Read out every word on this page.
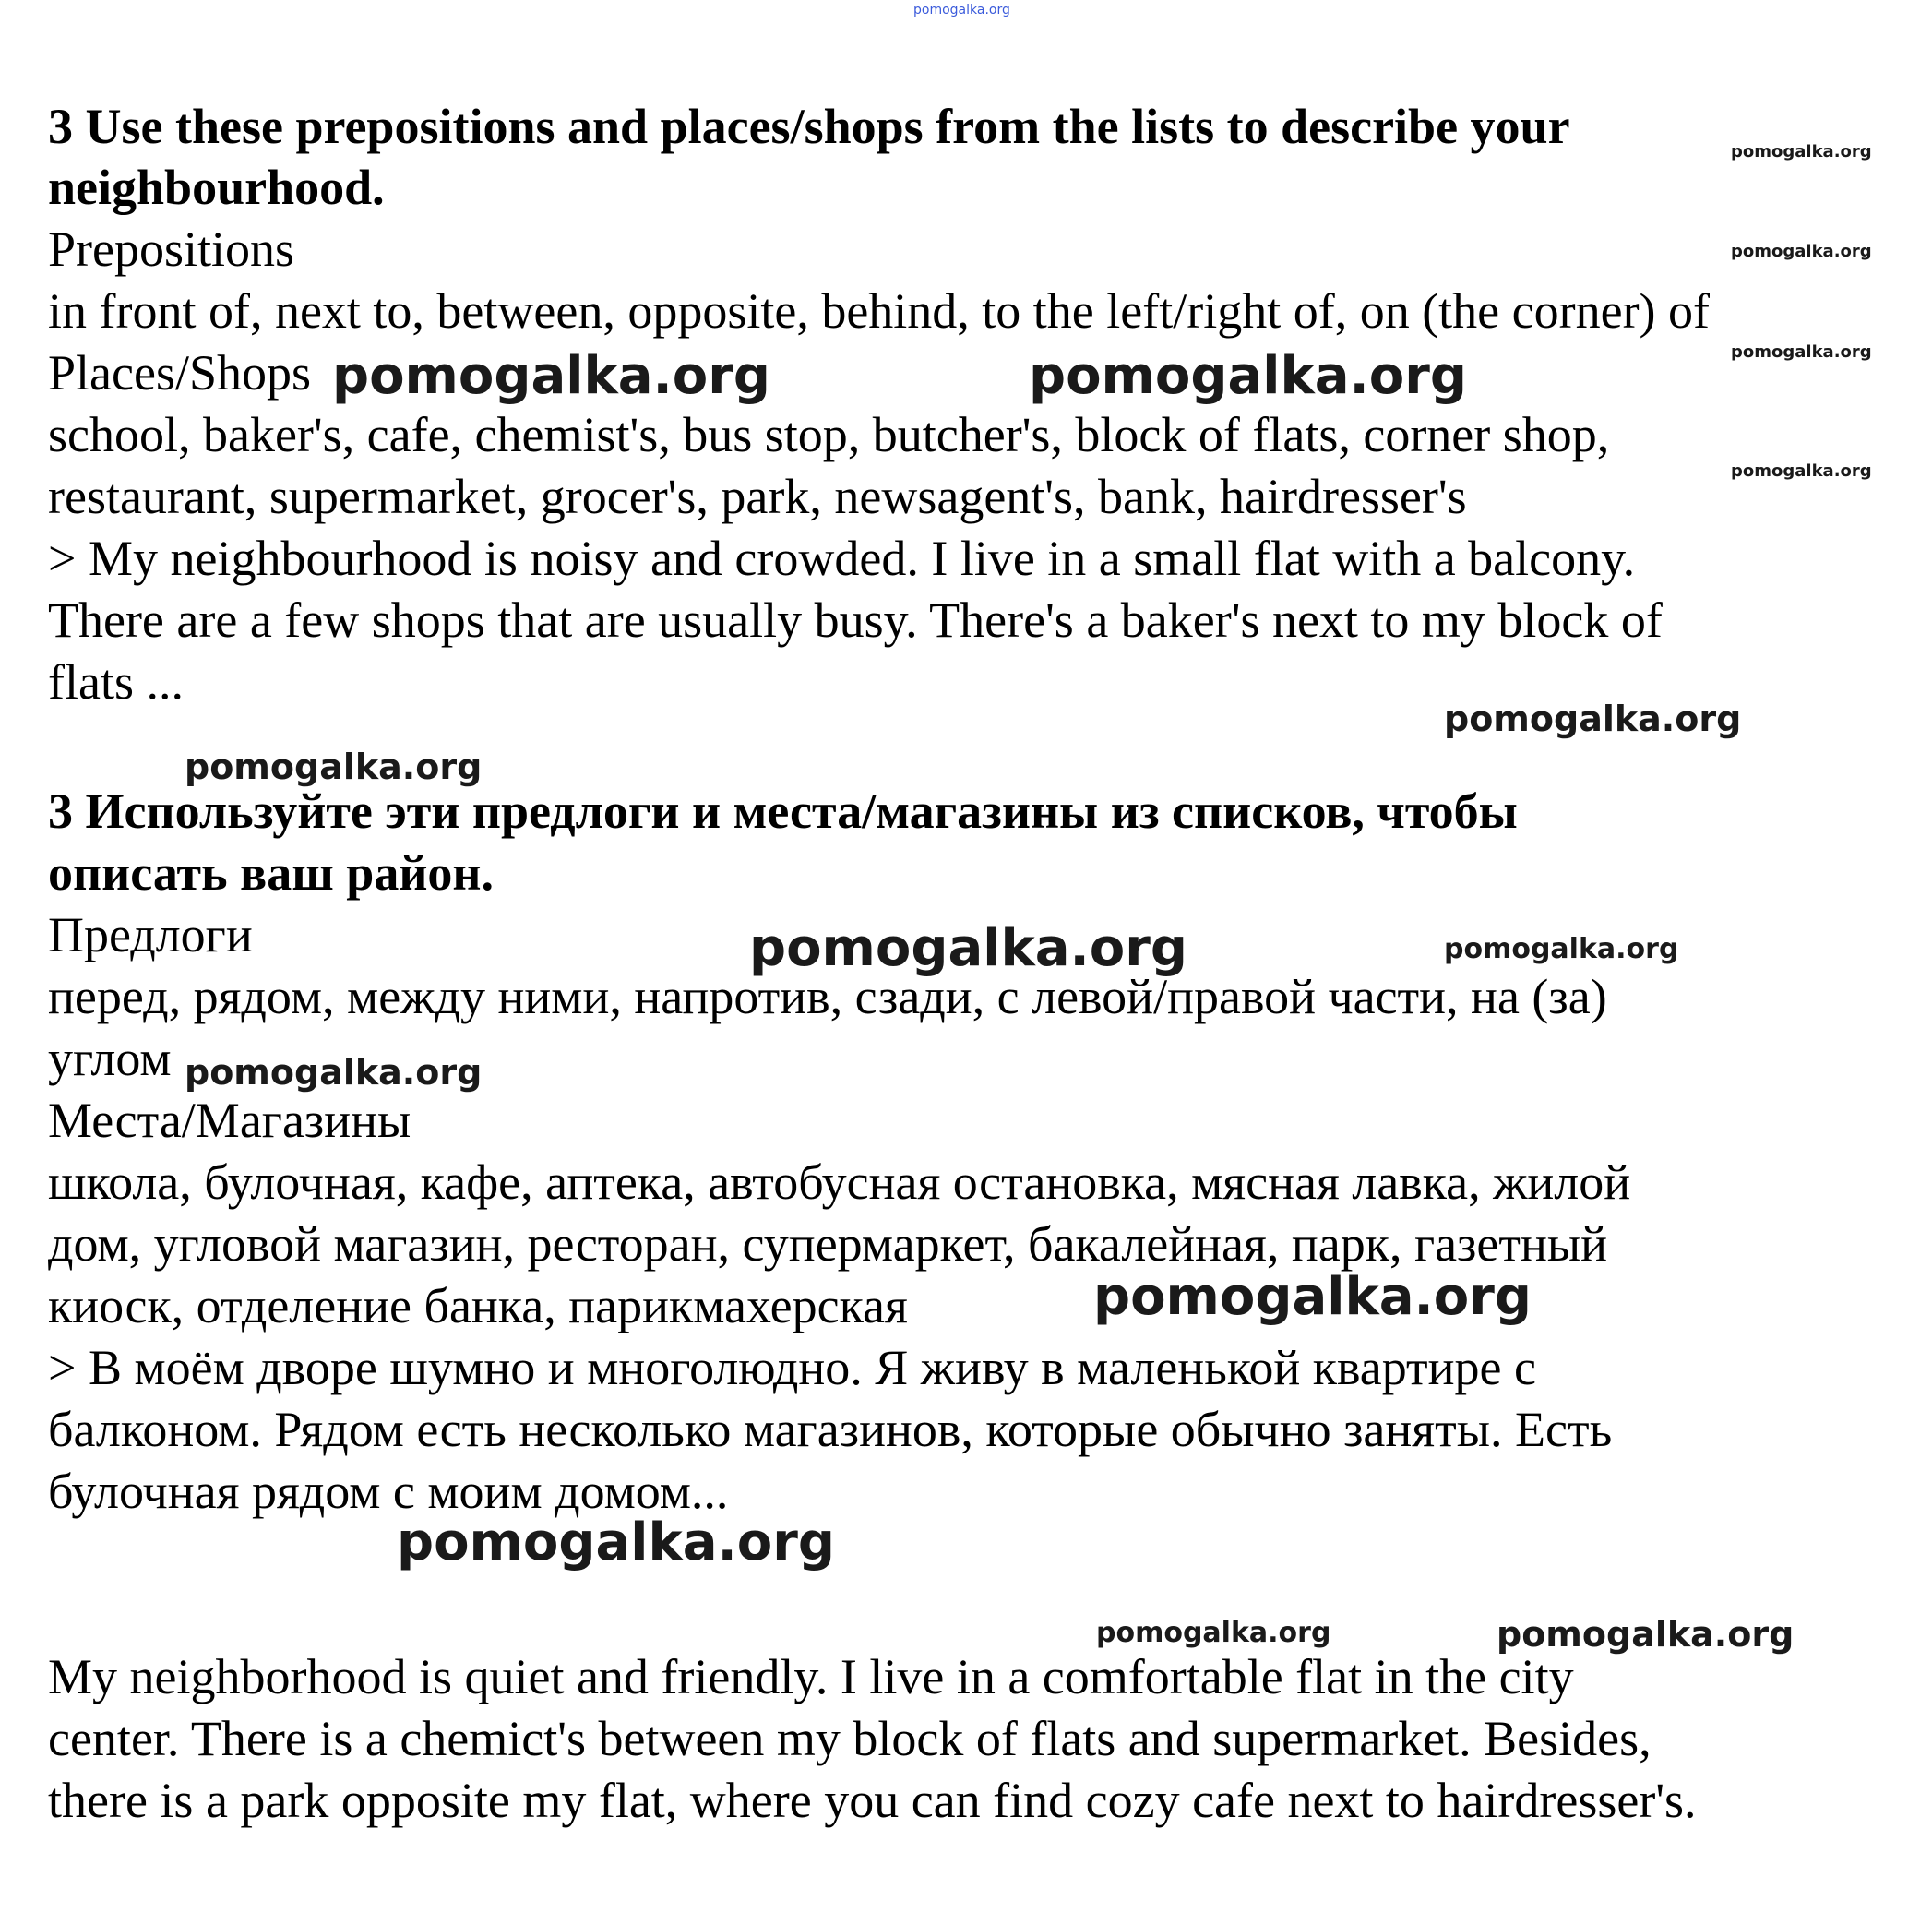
pomogalka.org

3 Use these prepositions and places/shops from the lists to describe your

neighbourhood.

Prepositions

in front of, next to, between, opposite, behind, to the left/right of, on (the corner) of

Places/Shops

school, baker's, cafe, chemist's, bus stop, butcher's, block of flats, corner shop,

restaurant, supermarket, grocer's, park, newsagent's, bank, hairdresser's

> My neighbourhood is noisy and crowded. I live in a small flat with a balcony.

There are a few shops that are usually busy. There's a baker's next to my block of

flats ...

3 Используйте эти предлоги и места/магазины из списков, чтобы

описать ваш район.

Предлоги

перед, рядом, между ними, напротив, сзади, с левой/правой части, на (за)

углом

Места/Магазины

школа, булочная, кафе, аптека, автобусная остановка, мясная лавка, жилой

дом, угловой магазин, ресторан, супермаркет, бакалейная, парк, газетный

киоск, отделение банка, парикмахерская

> В моём дворе шумно и многолюдно. Я живу в маленькой квартире с

балконом. Рядом есть несколько магазинов, которые обычно заняты. Есть

булочная рядом с моим домом...

My neighborhood is quiet and friendly. I live in a comfortable flat in the city

center. There is a chemict's between my block of flats and supermarket. Besides,

there is a park opposite my flat, where you can find cozy cafe next to hairdresser's.

pomogalka.org
pomogalka.org
pomogalka.org
pomogalka.org
pomogalka.org	pomogalka.org
pomogalka.org
pomogalka.org
pomogalka.org	pomogalka.org
pomogalka.org
pomogalka.org
pomogalka.org
pomogalka.org	pomogalka.org
